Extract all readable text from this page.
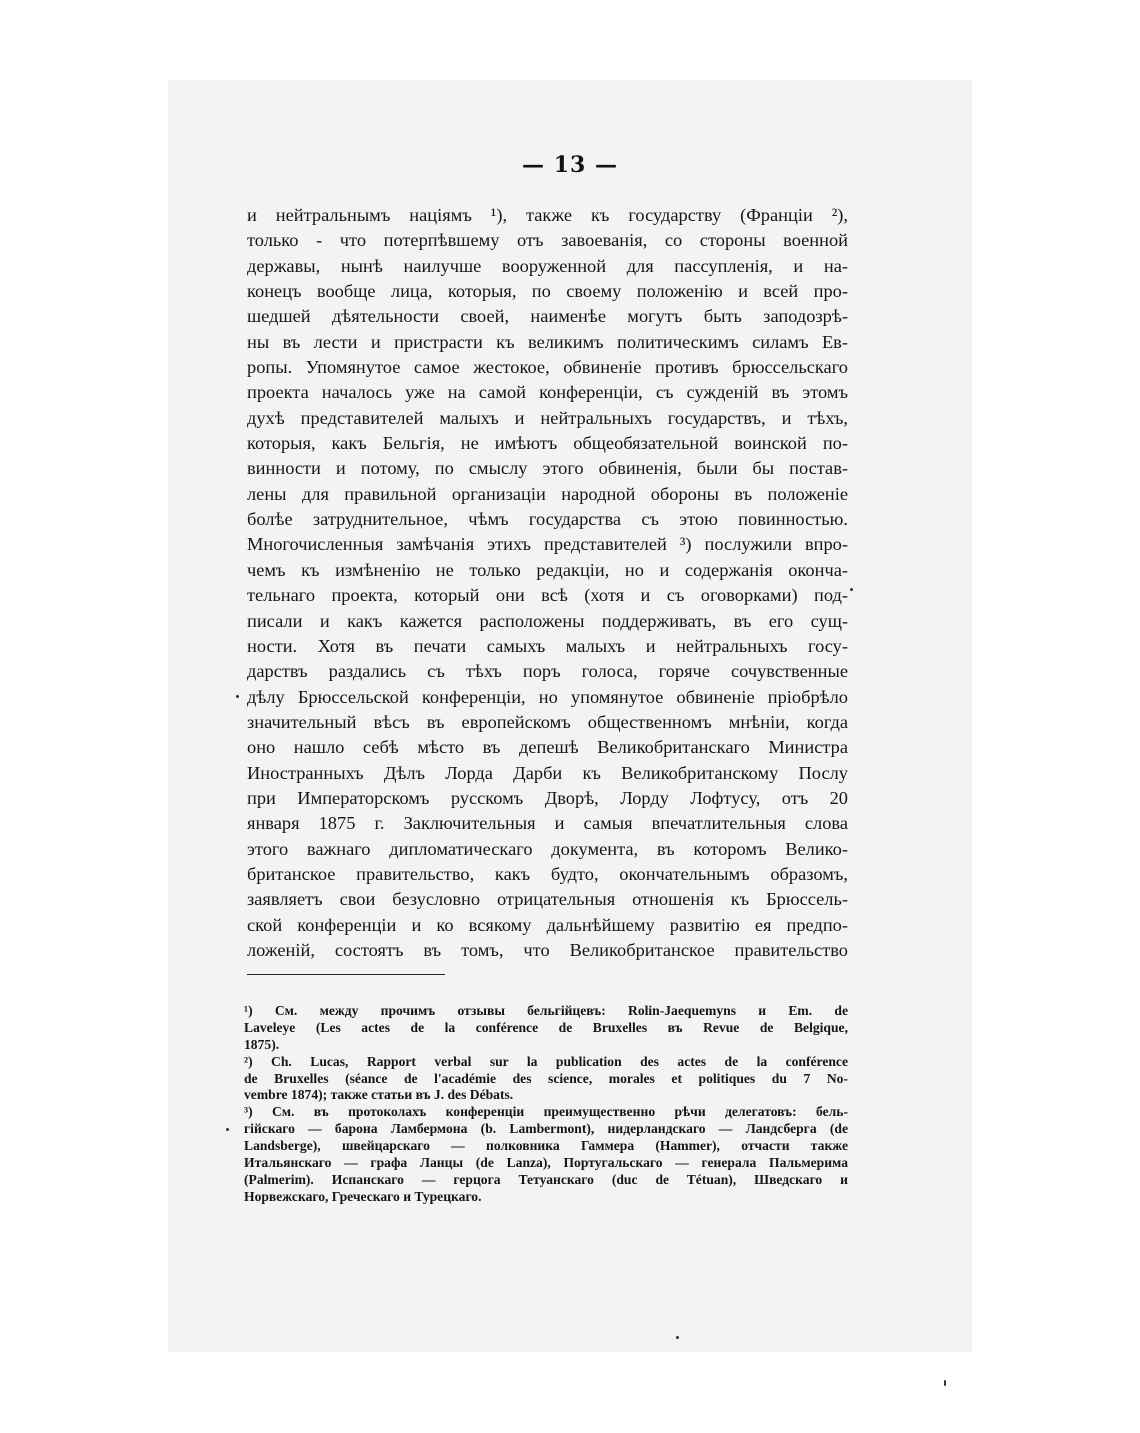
— 13 —
и нейтральнымъ націямъ ¹), также къ государству (Франціи ²),
только - что потерпѣвшему отъ завоеванія, со стороны военной
державы, нынѣ наилучше вооруженной для пассупленія, и на-
конецъ вообще лица, которыя, по своему положенію и всей про-
шедшей дѣятельности своей, наименѣе могутъ быть заподозрѣ-
ны въ лести и пристрасти къ великимъ политическимъ силамъ Ев-
ропы. Упомянутое самое жестокое, обвиненіе противъ брюссельскаго
проекта началось уже на самой конференціи, съ сужденій въ этомъ
духѣ представителей малыхъ и нейтральныхъ государствъ, и тѣхъ,
которыя, какъ Бельгія, не имѣютъ общеобязательной воинской по-
винности и потому, по смыслу этого обвиненія, были бы постав-
лены для правильной организаціи народной обороны въ положеніе
болѣе затруднительное, чѣмъ государства съ этою повинностью.
Многочисленныя замѣчанія этихъ представителей ³) послужили впро-
чемъ къ измѣненію не только редакціи, но и содержанія оконча-
тельнаго проекта, который они всѣ (хотя и съ оговорками) под-
писали и какъ кажется расположены поддерживать, въ его сущ-
ности. Хотя въ печати самыхъ малыхъ и нейтральныхъ госу-
дарствъ раздались съ тѣхъ поръ голоса, горяче сочувственные
дѣлу Брюссельской конференціи, но упомянутое обвиненіе пріобрѣло
значительный вѣсъ въ европейскомъ общественномъ мнѣніи, когда
оно нашло себѣ мѣсто въ депешѣ Великобританскаго Министра
Иностранныхъ Дѣлъ Лорда Дарби къ Великобританскому Послу
при Императорскомъ русскомъ Дворѣ, Лорду Лофтусу, отъ 20
января 1875 г. Заключительныя и самыя впечатлительныя слова
этого важнаго дипломатическаго документа, въ которомъ Велико-
британское правительство, какъ будто, окончательнымъ образомъ,
заявляетъ свои безусловно отрицательныя отношенія къ Брюссель-
ской конференціи и ко всякому дальнѣйшему развитію ея предпо-
ложеній, состоятъ въ томъ, что Великобританское правительство
¹) См. между прочимъ отзывы бельгійцевъ: Rolin-Jaequemyns и Em. de
Laveleye (Les actes de la conférence de Bruxelles въ Revue de Belgique,
1875).
²) Ch. Lucas, Rapport verbal sur la publication des actes de la conférence
de Bruxelles (séance de l'académie des science, morales et politiques du 7 No-
vembre 1874); также статьи въ J. des Débats.
³) См. въ протоколахъ конференціи преимущественно рѣчи делегатовъ: бель-
гійскаго — барона Ламбермона (b. Lambermont), нидерландскаго — Ландсберга (de
Landsberge), швейцарскаго — полковника Гаммера (Hammer), отчасти также
Итальянскаго — графа Ланцы (de Lanza), Португальскаго — генерала Пальмерима
(Palmerim). Испанскаго — герцога Тетуанскаго (duc de Tétuan), Шведскаго и
Норвежскаго, Греческаго и Турецкаго.
